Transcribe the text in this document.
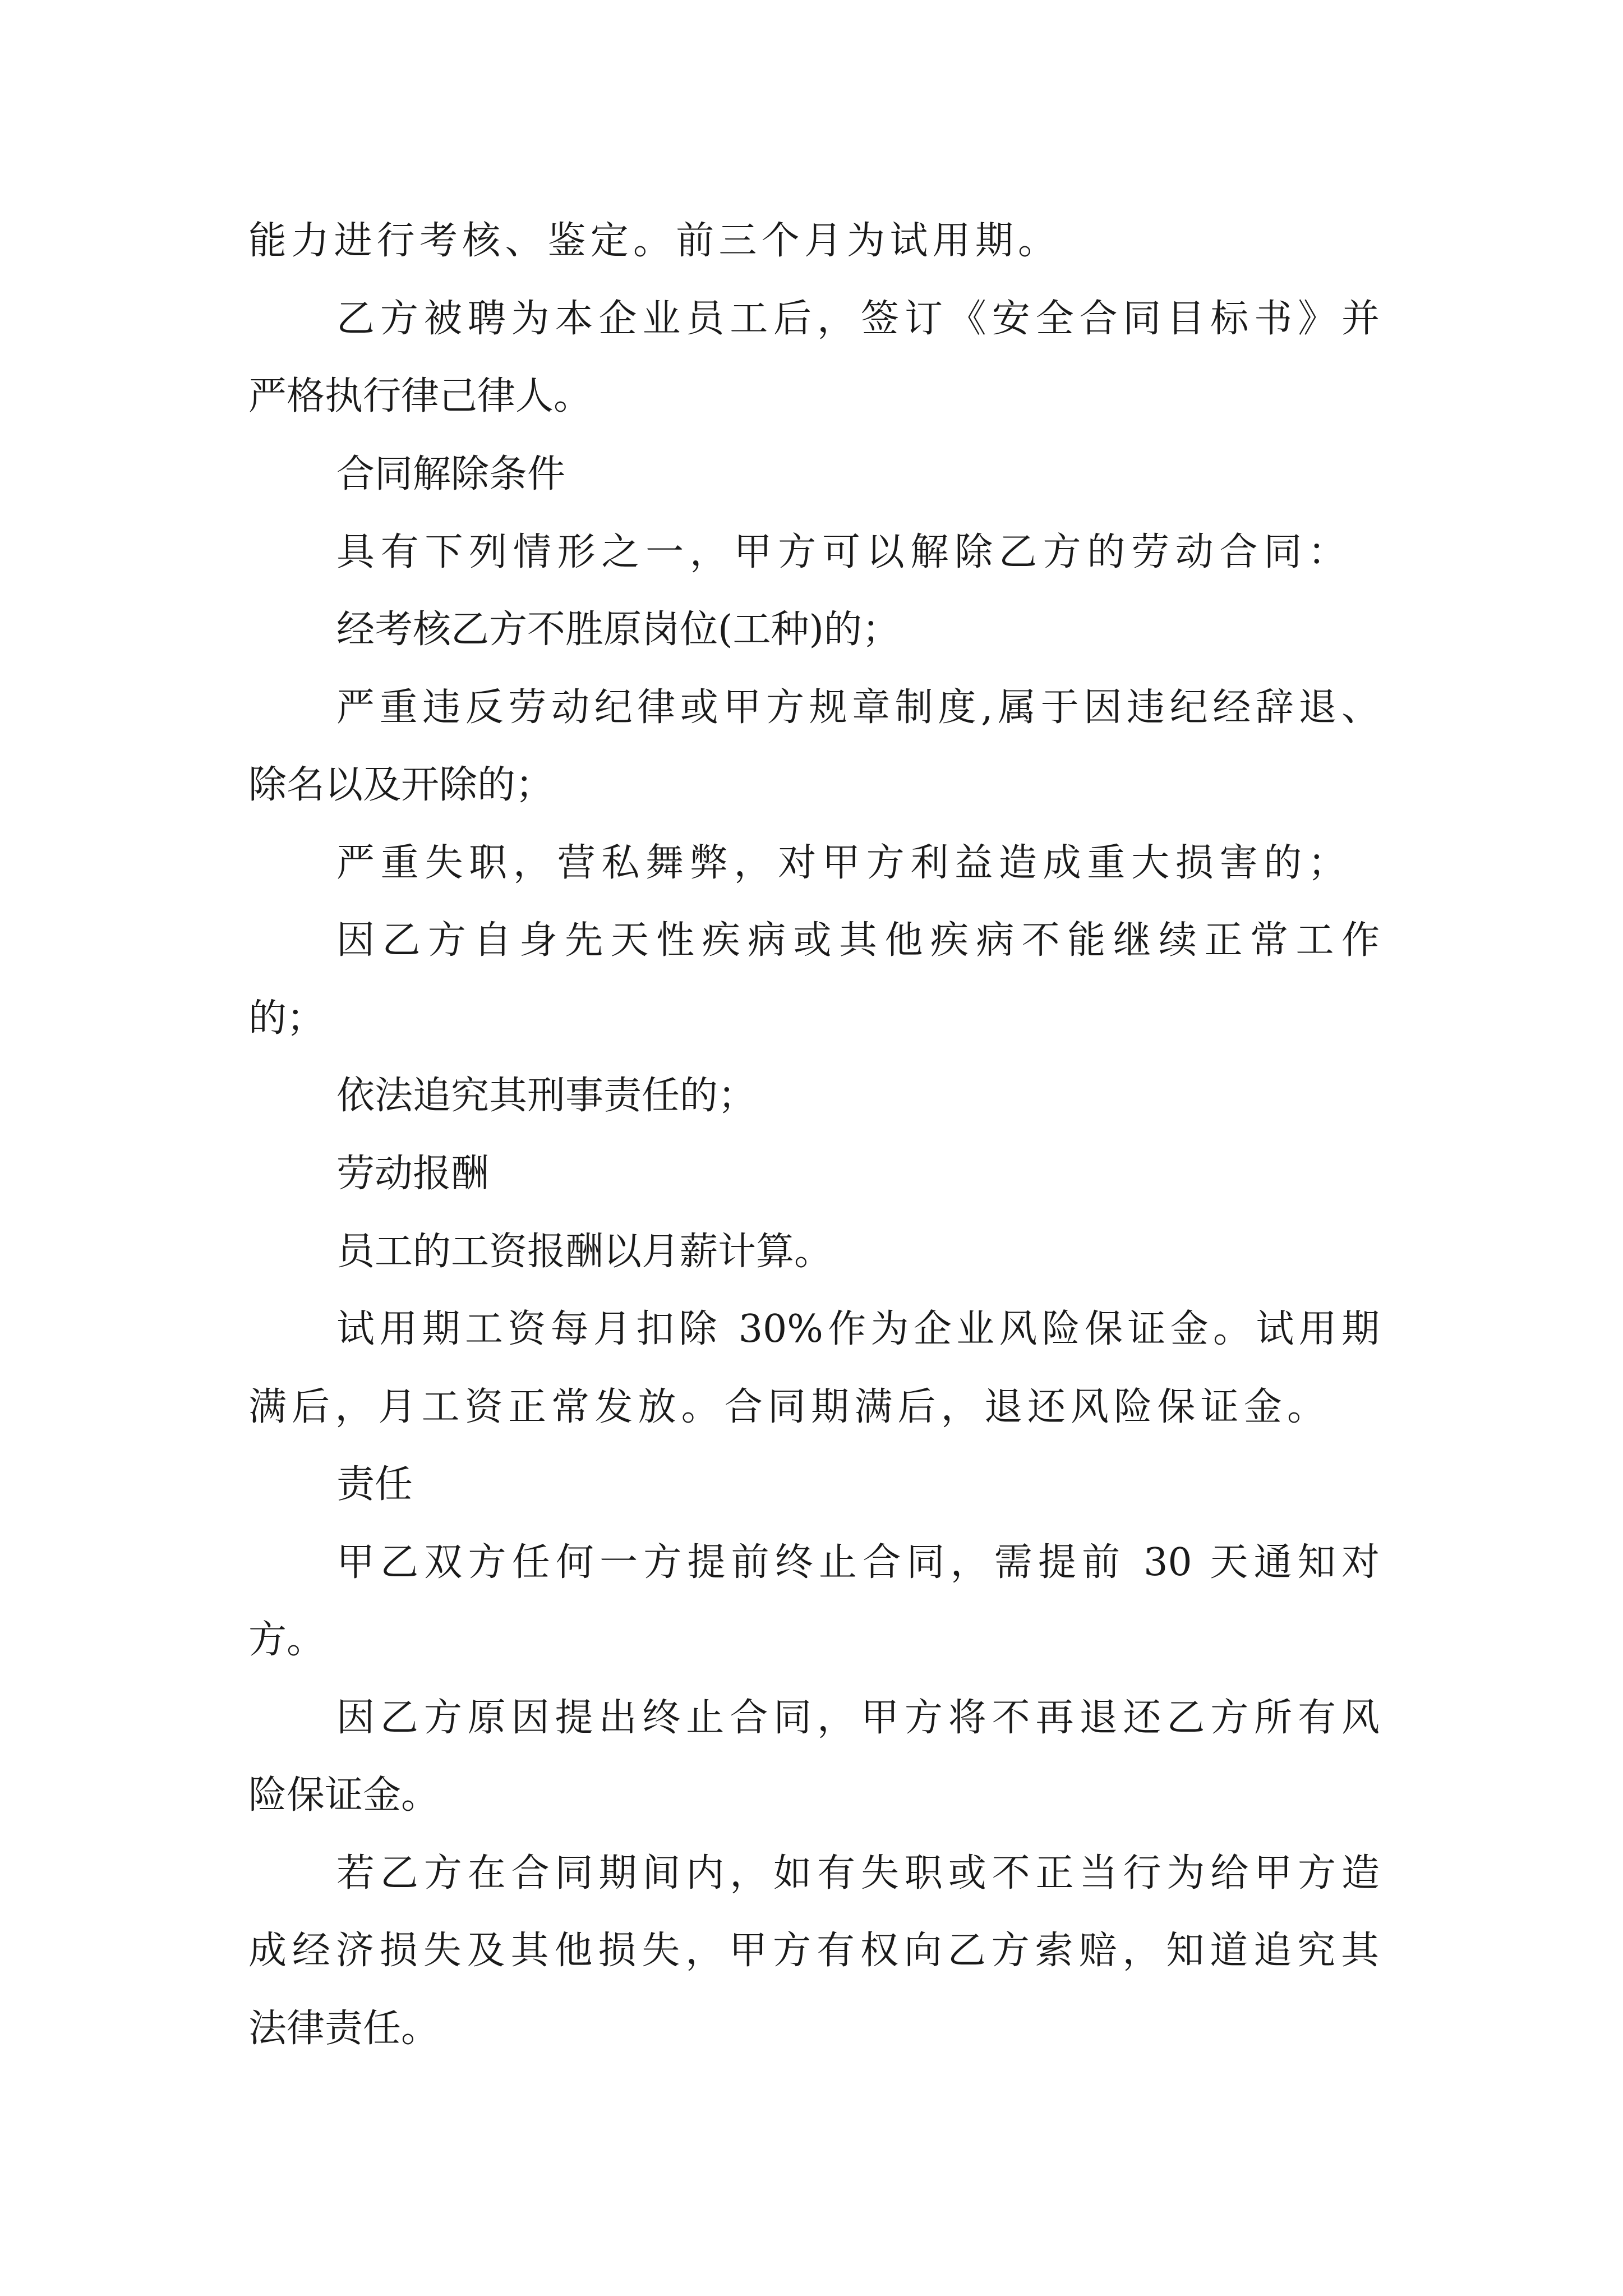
能力进行考核、鉴定。前三个月为试用期。

乙方被聘为本企业员工后，签订《安全合同目标书》并

严格执行律己律人。

合同解除条件

具有下列情形之一，甲方可以解除乙方的劳动合同：

经考核乙方不胜原岗位(工种)的；

严重违反劳动纪律或甲方规章制度,属于因违纪经辞退、

除名以及开除的；

严重失职，营私舞弊，对甲方利益造成重大损害的；

因乙方自身先天性疾病或其他疾病不能继续正常工作

的；

依法追究其刑事责任的；

劳动报酬

员工的工资报酬以月薪计算。

试用期工资每月扣除 30%作为企业风险保证金。试用期

满后，月工资正常发放。合同期满后，退还风险保证金。

责任

甲乙双方任何一方提前终止合同，需提前 30 天通知对

方。

因乙方原因提出终止合同，甲方将不再退还乙方所有风

险保证金。

若乙方在合同期间内，如有失职或不正当行为给甲方造

成经济损失及其他损失，甲方有权向乙方索赔，知道追究其

法律责任。
